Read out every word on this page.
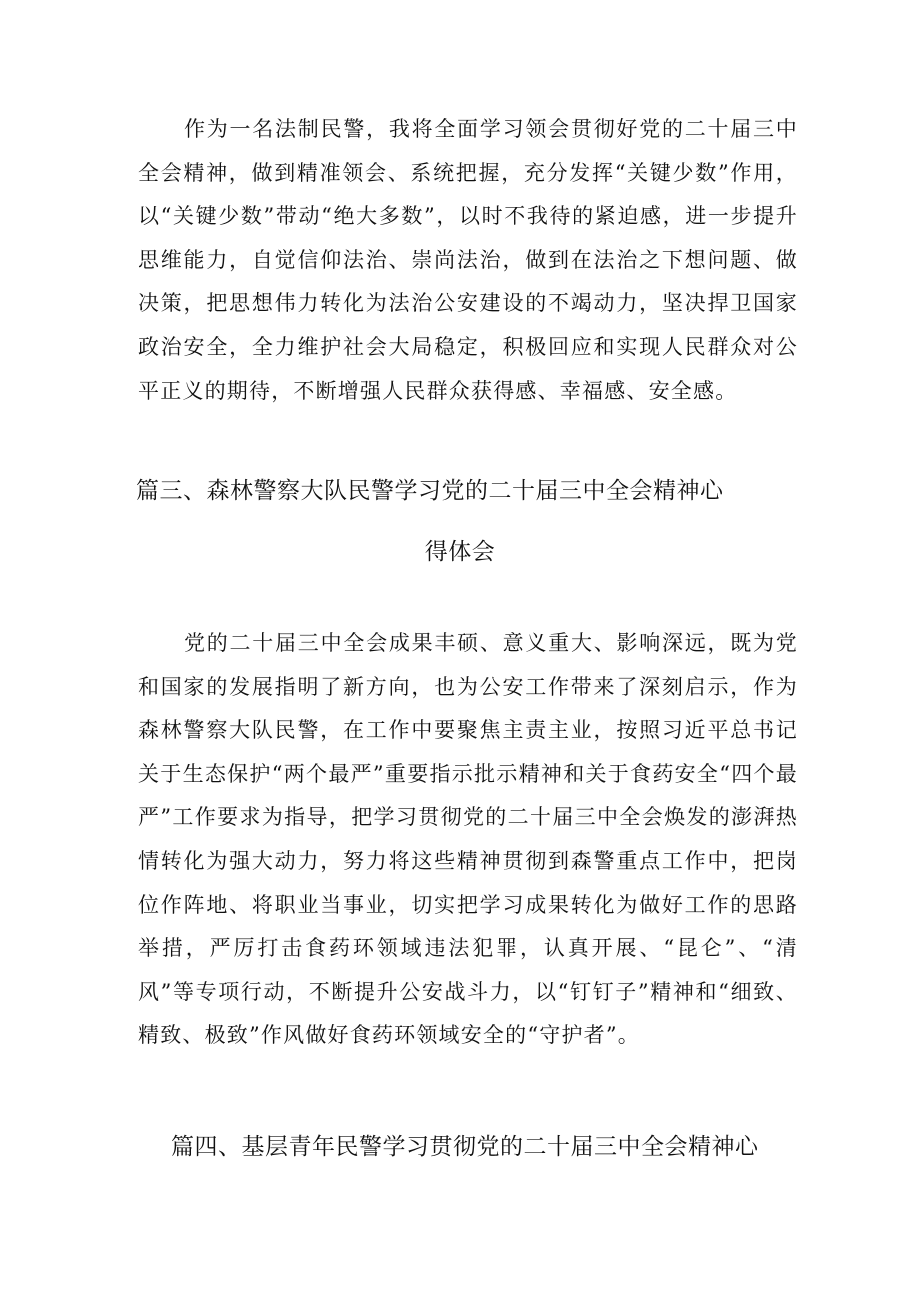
作为一名法制民警，我将全面学习领会贯彻好党的二十届三中全会精神，做到精准领会、系统把握，充分发挥“关键少数”作用，以“关键少数”带动“绝大多数”，以时不我待的紧迫感，进一步提升思维能力，自觉信仰法治、崇尚法治，做到在法治之下想问题、做决策，把思想伟力转化为法治公安建设的不竭动力，坚决捍卫国家政治安全，全力维护社会大局稳定，积极回应和实现人民群众对公平正义的期待，不断增强人民群众获得感、幸福感、安全感。

篇三、森林警察大队民警学习党的二十届三中全会精神心
得体会

党的二十届三中全会成果丰硕、意义重大、影响深远，既为党和国家的发展指明了新方向，也为公安工作带来了深刻启示，作为森林警察大队民警，在工作中要聚焦主责主业，按照习近平总书记关于生态保护“两个最严”重要指示批示精神和关于食药安全“四个最严”工作要求为指导，把学习贯彻党的二十届三中全会焕发的澎湃热情转化为强大动力，努力将这些精神贯彻到森警重点工作中，把岗位作阵地、将职业当事业，切实把学习成果转化为做好工作的思路举措，严厉打击食药环领域违法犯罪，认真开展、“昆仑”、“清风”等专项行动，不断提升公安战斗力，以“钉钉子”精神和“细致、精致、极致”作风做好食药环领域安全的“守护者”。

篇四、基层青年民警学习贯彻党的二十届三中全会精神心
